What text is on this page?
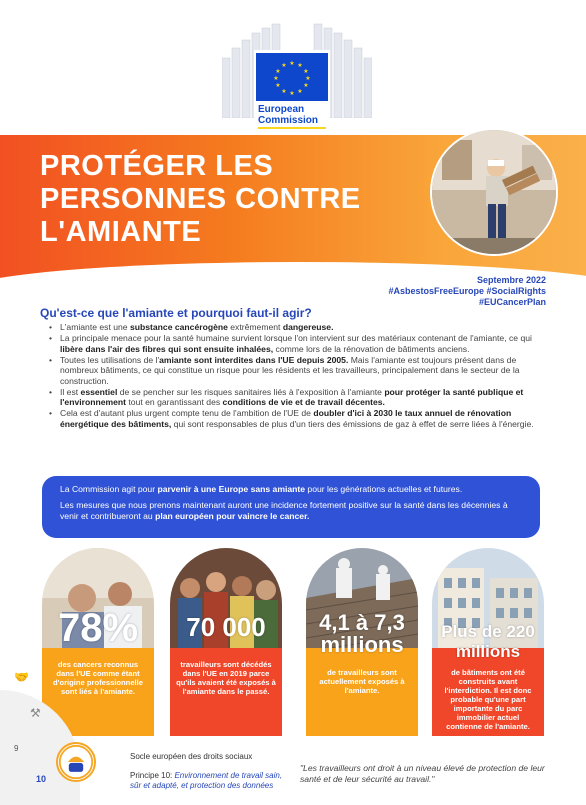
★ ★
★
★
★
★
★
★
★
★
★
★
European
Commission
PROTÉGER LES PERSONNES CONTRE L'AMIANTE
Septembre 2022
#AsbestosFreeEurope #SocialRights
#EUCancerPlan
Qu'est-ce que l'amiante et pourquoi faut-il agir?
• L'amiante est une substance cancérogène extrêmement dangereuse.
• La principale menace pour la santé humaine survient lorsque l'on intervient sur des matériaux contenant de l'amiante, ce qui libère dans l'air des fibres qui sont ensuite inhalées, comme lors de la rénovation de bâtiments anciens.
• Toutes les utilisations de l'amiante sont interdites dans l'UE depuis 2005. Mais l'amiante est toujours présent dans de nombreux bâtiments, ce qui constitue un risque pour les résidents et les travailleurs, principalement dans le secteur de la construction.
• Il est essentiel de se pencher sur les risques sanitaires liés à l'exposition à l'amiante pour protéger la santé publique et l'environnement tout en garantissant des conditions de vie et de travail décentes.
• Cela est d'autant plus urgent compte tenu de l'ambition de l'UE de doubler d'ici à 2030 le taux annuel de rénovation énergétique des bâtiments, qui sont responsables de plus d'un tiers des émissions de gaz à effet de serre liées à l'énergie.

La Commission agit pour parvenir à une Europe sans amiante pour les générations actuelles et futures.

Les mesures que nous prenons maintenant auront une incidence fortement positive sur la santé dans les décennies à venir et contribueront au plan européen pour vaincre le cancer.

78%
des cancers reconnus dans l'UE comme étant d'origine professionnelle sont liés à l'amiante.
70 000
travailleurs sont décédés dans l'UE en 2019 parce qu'ils avaient été exposés à l'amiante dans le passé.
4,1 à 7,3 millions
de travailleurs sont actuellement exposés à l'amiante.
Plus de 220 millions
de bâtiments ont été construits avant l'interdiction. Il est donc probable qu'une part importante du parc immobilier actuel contienne de l'amiante.
🤝
⚒
9
10
Socle européen des droits sociaux
Principe 10: Environnement de travail sain, sûr et adapté, et protection des données
"Les travailleurs ont droit à un niveau élevé de protection de leur santé et de leur sécurité au travail."
